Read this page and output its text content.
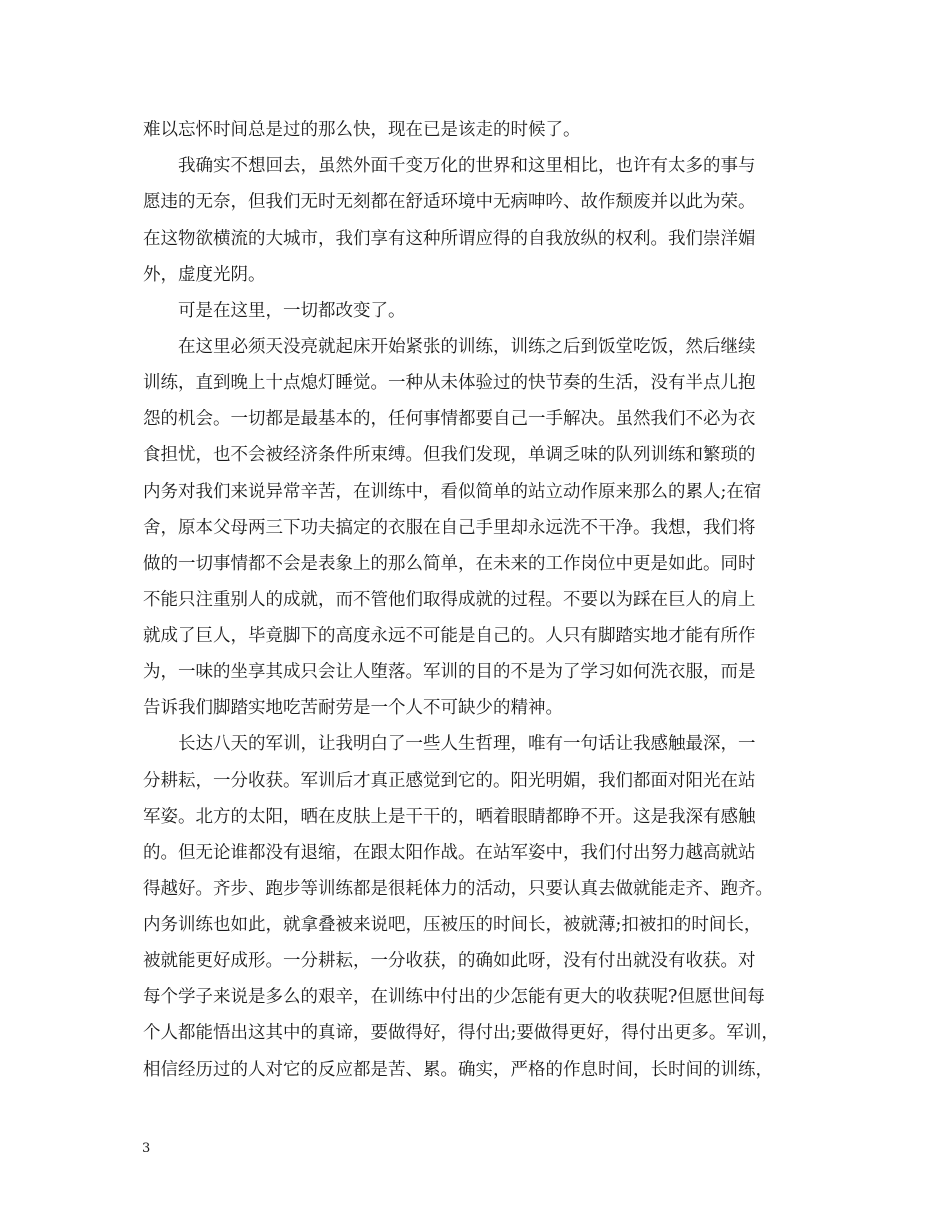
难以忘怀时间总是过的那么快，现在已是该走的时候了。
我确实不想回去，虽然外面千变万化的世界和这里相比，也许有太多的事与
愿违的无奈，但我们无时无刻都在舒适环境中无病呻吟、故作颓废并以此为荣。
在这物欲横流的大城市，我们享有这种所谓应得的自我放纵的权利。我们崇洋媚
外，虚度光阴。
可是在这里，一切都改变了。
在这里必须天没亮就起床开始紧张的训练，训练之后到饭堂吃饭，然后继续
训练，直到晚上十点熄灯睡觉。一种从未体验过的快节奏的生活，没有半点儿抱
怨的机会。一切都是最基本的，任何事情都要自己一手解决。虽然我们不必为衣
食担忧，也不会被经济条件所束缚。但我们发现，单调乏味的队列训练和繁琐的
内务对我们来说异常辛苦，在训练中，看似简单的站立动作原来那么的累人;在宿
舍，原本父母两三下功夫搞定的衣服在自己手里却永远洗不干净。我想，我们将
做的一切事情都不会是表象上的那么简单，在未来的工作岗位中更是如此。同时
不能只注重别人的成就，而不管他们取得成就的过程。不要以为踩在巨人的肩上
就成了巨人，毕竟脚下的高度永远不可能是自己的。人只有脚踏实地才能有所作
为，一味的坐享其成只会让人堕落。军训的目的不是为了学习如何洗衣服，而是
告诉我们脚踏实地吃苦耐劳是一个人不可缺少的精神。
长达八天的军训，让我明白了一些人生哲理，唯有一句话让我感触最深，一
分耕耘，一分收获。军训后才真正感觉到它的。阳光明媚，我们都面对阳光在站
军姿。北方的太阳，晒在皮肤上是干干的，晒着眼睛都睁不开。这是我深有感触
的。但无论谁都没有退缩，在跟太阳作战。在站军姿中，我们付出努力越高就站
得越好。齐步、跑步等训练都是很耗体力的活动，只要认真去做就能走齐、跑齐。
内务训练也如此，就拿叠被来说吧，压被压的时间长，被就薄;扣被扣的时间长，
被就能更好成形。一分耕耘，一分收获，的确如此呀，没有付出就没有收获。对
每个学子来说是多么的艰辛，在训练中付出的少怎能有更大的收获呢?但愿世间每
个人都能悟出这其中的真谛，要做得好，得付出;要做得更好，得付出更多。军训，
相信经历过的人对它的反应都是苦、累。确实，严格的作息时间，长时间的训练，
3
